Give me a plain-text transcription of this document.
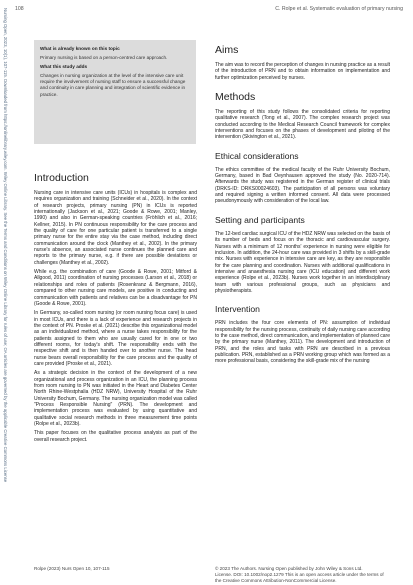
Nursing Open, 2023, 10(1), 107-115. Downloaded from https://onlinelibrary.wiley.com. Wiley Online Library. See the Terms and Conditions on Wiley Online Library for rules of use; OA articles are governed by the applicable Creative Commons License 108	C. Rolpe et al. Systematic evaluation of primary nursing

What is already known on this topic

Primary nursing is based on a person-centred care approach.

What this study adds

Changes in nursing organization at the level of the intensive care unit require the involvement of nursing staff to ensure a successful change and continuity in care planning and integration of scientific evidence in practice.

Introduction

Nursing care in intensive care units (ICUs) in hospitals is complex and requires organization and training (Schneider et al., 2020). In the context of research projects, primary nursing (PN) in ICUs is reported internationally (Jackson et al., 2021; Goode & Rowe, 2001; Manley, 1990) and also in German-speaking countries (Fröhlich et al., 2016; Kellner, 2015). In PN continuous responsibility for the care process and the quality of care for one particular patient is transferred to a single primary nurse for the entire stay via the case method, including direct communication around the clock (Manthey et al., 2002). In the primary nurse's absence, an associated nurse continues the planned care and reports to the primary nurse, e.g. if there are possible deviations or challenges (Manthey et al., 2002).

While e.g. the combination of care (Goode & Rowe, 2001; Mitford & Allgood, 2011) coordination of nursing processes (Larson et al., 2018) or relationships and roles of patients (Rosenkranz & Bergmann, 2016), compared to other nursing care models, are positive in conducting and communication with patients and relatives can be a disadvantage for PN (Goode & Rowe, 2001).

In Germany, so-called room nursing (or room nursing focus care) is used in most ICUs, and there is a lack of experience and research projects in the context of PN. Proske et al. (2021) describe this organizational model as an individualized method, where a nurse takes responsibility for the patients assigned to them who are usually cared for in one or two different rooms, for today's shift. The responsibility ends with the respective shift and is then handed over to another nurse. The head nurse bears overall responsibility for the care process and the quality of care provided (Proske et al., 2021).

As a strategic decision in the context of the development of a new organizational and process organization in an ICU, the planning process from room nursing to PN was initiated in the Heart and Diabetes Center North Rhine-Westphalia (HDZ NRW), University Hospital of the Ruhr University Bochum, Germany. The nursing organization model was called "Process Responsible Nursing" (PRN). The development and implementation process was evaluated by using quantitative and qualitative social research methods in three measurement time points (Rolpe et al., 2023b).

This paper focuses on the qualitative process analysis as part of the overall research project.

Aims

The aim was to record the perception of changes in nursing practice as a result of the introduction of PRN and to obtain information on implementation and further optimization perceived by nurses.

Methods

The reporting of this study follows the consolidated criteria for reporting qualitative research (Tong et al., 2007). The complex research project was conducted according to the Medical Research Council framework for complex interventions and focuses on the phases of development and piloting of the intervention (Skivington et al., 2021).

Ethical considerations

The ethics committee of the medical faculty of the Ruhr University Bochum, Germany, based in Bad Oeynhausen approved the study (No. 2020-714). Afterwards the study was registered in the German register of clinical trials (DRKS-ID: DRKS00024603). The participation of all persons was voluntary and required signing a written informed consent. All data were processed pseudonymously with consideration of the local law.

Setting and participants

The 12-bed cardiac surgical ICU of the HDZ NRW was selected on the basis of its number of beds and focus on the thoracic and cardiovascular surgery. Nurses with a minimum of 12 months' experience in nursing were eligible for inclusion. In addition, the 24-hour care was provided in 3 shifts by a skill-grade mix. Nurses with experience in intensive care are key, as they are responsible for the care planning and coordination. Nurses with additional qualifications in intensive and anaesthesia nursing care (ICU education) and different work experience (Rolpe et al., 2023b). Nurses work together in an interdisciplinary team with various professional groups, such as physicians and physiotherapists.

Intervention

PRN includes the four core elements of PN: assumption of individual responsibility for the nursing process, continuity of daily nursing care according to the case method, direct communication, and implementation of planned care by the primary nurse (Manthey, 2011). The development and introduction of PRN, and the roles and tasks with PRN are described in a previous publication. PRN, established as a PRN working group which was formed as a more professional basis, considering the skill-grade mix of the nursing

Rolpe (2023) Nurs Open 10, 107-115	© 2023 The Authors. Nursing Open published by John Wiley & Sons Ltd.
License. DOI: 10.1002/nop2.1279 This is an open access article under the terms of the Creative Commons Attribution-NonCommercial License.
